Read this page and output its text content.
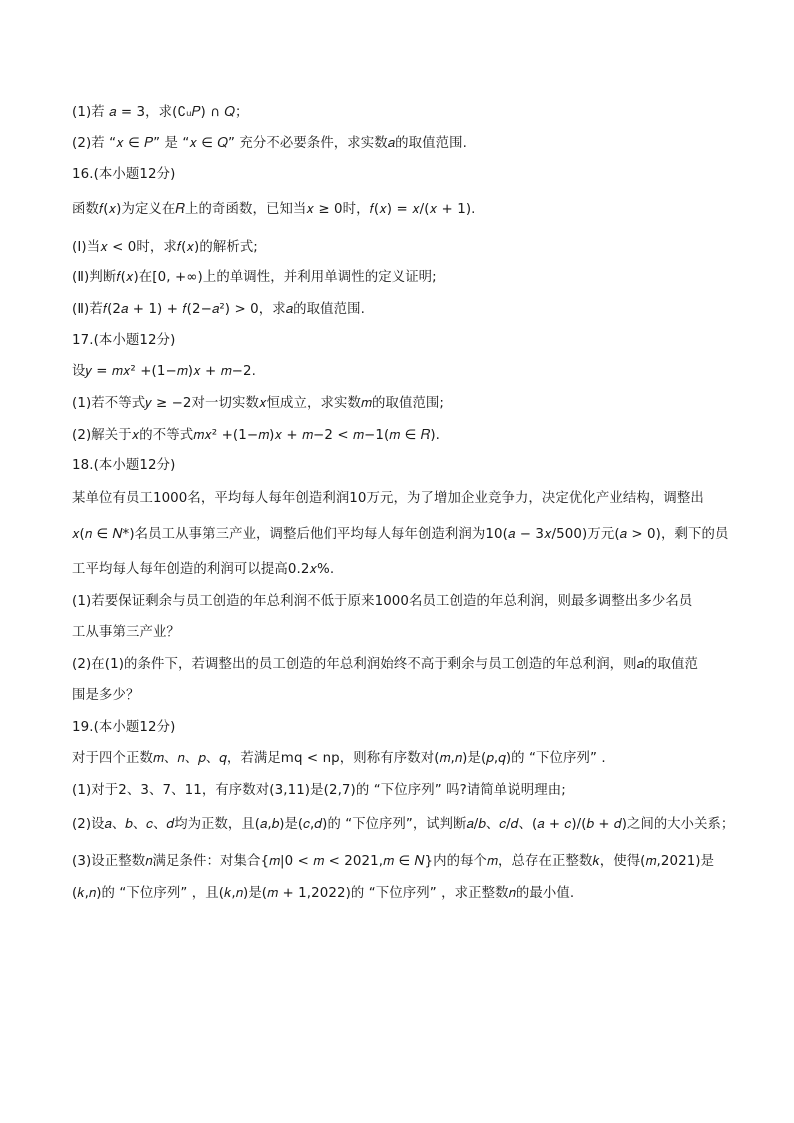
(1)若 𝑎 = 3，求(∁ᵤ𝑃) ∩ 𝑄；
(2)若 “𝑥 ∈ 𝑃” 是 “𝑥 ∈ 𝑄” 充分不必要条件，求实数𝑎的取值范围.
16.(本小题12分)
函数𝑓(𝑥)为定义在𝑅上的奇函数，已知当𝑥 ≥ 0时，𝑓(𝑥) = 𝑥/(𝑥 + 1).
(Ⅰ)当𝑥 < 0时，求𝑓(𝑥)的解析式;
(Ⅱ)判断𝑓(𝑥)在[0, +∞)上的单调性，并利用单调性的定义证明;
(Ⅱ)若𝑓(2𝑎 + 1) + 𝑓(2−𝑎²) > 0，求𝑎的取值范围.
17.(本小题12分)
设𝑦 = 𝑚𝑥² +(1−𝑚)𝑥 + 𝑚−2.
(1)若不等式𝑦 ≥ −2对一切实数𝑥恒成立，求实数𝑚的取值范围;
(2)解关于𝑥的不等式𝑚𝑥² +(1−𝑚)𝑥 + 𝑚−2 < 𝑚−1(𝑚 ∈ 𝑅).
18.(本小题12分)
某单位有员工1000名，平均每人每年创造利润10万元，为了增加企业竞争力，决定优化产业结构，调整出
𝑥(𝑛 ∈ 𝑁*)名员工从事第三产业，调整后他们平均每人每年创造利润为10(𝑎 − 3𝑥/500)万元(𝑎 > 0)，剩下的员
工平均每人每年创造的利润可以提高0.2𝑥%.
(1)若要保证剩余与员工创造的年总利润不低于原来1000名员工创造的年总利润，则最多调整出多少名员
工从事第三产业？
(2)在(1)的条件下，若调整出的员工创造的年总利润始终不高于剩余与员工创造的年总利润，则𝑎的取值范
围是多少？
19.(本小题12分)
对于四个正数𝑚、𝑛、𝑝、𝑞，若满足mq < np，则称有序数对(𝑚,𝑛)是(𝑝,𝑞)的 “下位序列” .
(1)对于2、3、7、11，有序数对(3,11)是(2,7)的 “下位序列” 吗?请简单说明理由;
(2)设𝑎、𝑏、𝑐、𝑑均为正数，且(𝑎,𝑏)是(𝑐,𝑑)的 “下位序列”，试判断𝑎/𝑏、𝑐/𝑑、(𝑎 + 𝑐)/(𝑏 + 𝑑)之间的大小关系；
(3)设正整数𝑛满足条件：对集合{𝑚|0 < 𝑚 < 2021,𝑚 ∈ 𝑁}内的每个𝑚，总存在正整数𝑘，使得(𝑚,2021)是
(𝑘,𝑛)的 “下位序列” ，且(𝑘,𝑛)是(𝑚 + 1,2022)的 “下位序列” ，求正整数𝑛的最小值.
